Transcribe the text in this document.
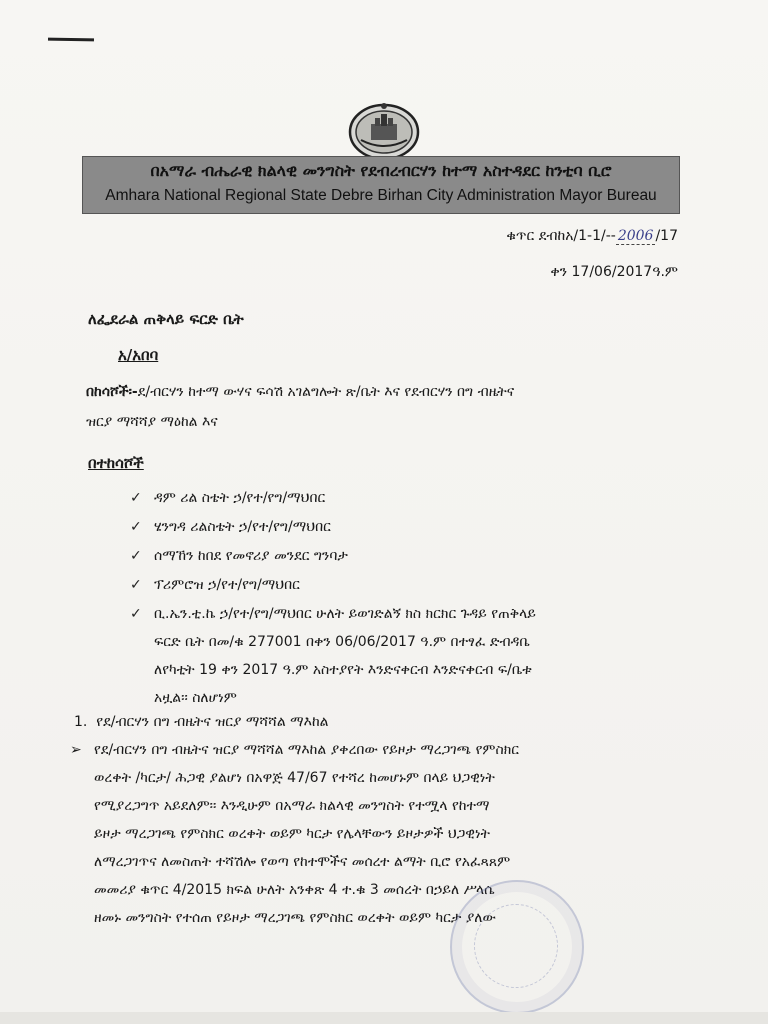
በአማራ ብሔራዊ ክልላዊ መንግስት የደብረብርሃን ከተማ አስተዳደር ከንቲባ ቢሮ
Amhara National Regional State Debre Birhan City Administration Mayor Bureau
ቁጥር ደብከአ/1-1/-- 2006 /17
ቀን 17/06/2017ዓ.ም
ለፌደራል ጠቅላይ ፍርድ ቤት
አ/አበባ
በከሳሾች፡-ደ/ብርሃን ከተማ ውሃና ፍሳሽ አገልግሎት ጽ/ቤት እና የደብርሃን በግ ብዜትና
ዝርያ ማሻሻያ ማዕከል እና
በተከሳሾች
✓ ዳም ሪል ስቴት ኃ/የተ/የግ/ማህበር
✓ ሄንግዳ ሪልስቴት ኃ/የተ/የግ/ማህበር
✓ ሰማኸን ከበደ የመኖሪያ መንደር ግንባታ
✓ ፕሪምሮዝ ኃ/የተ/የግ/ማህበር
✓ ቢ.ኤን.ቲ.ኬ ኃ/የተ/የግ/ማህበር ሁለት ይወገድልኝ ክስ ክርክር ጉዳይ የጠቅላይ
ፍርድ ቤት በመ/ቁ 277001 በቀን 06/06/2017 ዓ.ም በተፃፈ ድብዳቤ
ለየካቲት 19 ቀን 2017 ዓ.ም አስተያየት እንድናቀርብ እንድናቀርብ ፍ/ቤቱ
አዟል፡፡ ስለሆነም
1. የደ/ብርሃን በግ ብዜትና ዝርያ ማሻሻል ማእከል
➢ የደ/ብርሃን በግ ብዜትና ዝርያ ማሻሻል ማእከል ያቀረበው የይዞታ ማረጋገጫ የምስክር
ወረቀት /ካርታ/ ሕጋዊ ያልሆነ በአዋጅ 47/67 የተሻረ ከመሆኑም በላይ ህጋዊነት
የሚያረጋግጥ አይደለም፡፡ እንዲሁም በአማራ ክልላዊ መንግስት የተሟላ የከተማ
ይዞታ ማረጋገጫ የምስክር ወረቀት ወይም ካርታ የሌላቸውን ይዞታዎች ህጋዊነት
ለማረጋገጥና ለመስጠት ተሻሽሎ የወጣ የከተሞችና መሰረተ ልማት ቢሮ የአፈጻጸም
መመሪያ ቁጥር 4/2015 ክፍል ሁለት አንቀጽ 4 ተ.ቁ 3 መሰረት በኃይለ ሥላሴ
ዘመኑ መንግስት የተሰጠ የይዞታ ማረጋገጫ የምስክር ወረቀት ወይም ካርታ ያለው
